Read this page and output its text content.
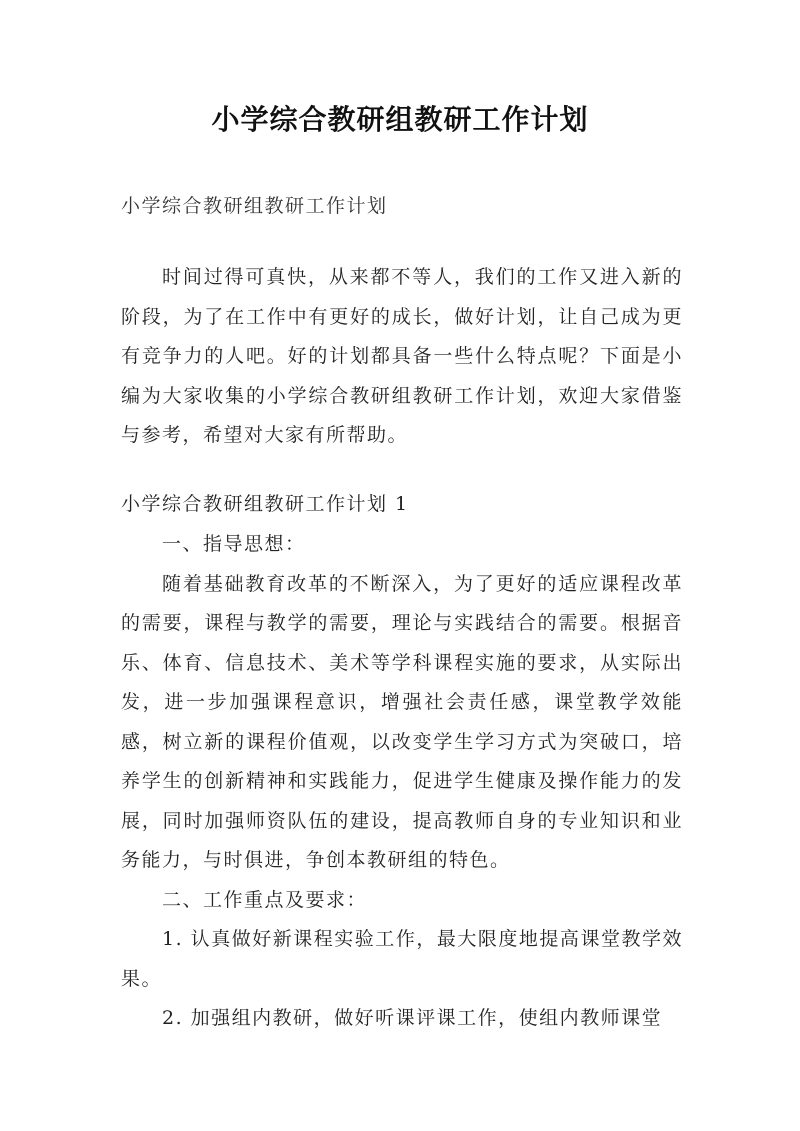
小学综合教研组教研工作计划
小学综合教研组教研工作计划

时间过得可真快，从来都不等人，我们的工作又进入新的阶段，为了在工作中有更好的成长，做好计划，让自己成为更有竞争力的人吧。好的计划都具备一些什么特点呢？下面是小编为大家收集的小学综合教研组教研工作计划，欢迎大家借鉴与参考，希望对大家有所帮助。

小学综合教研组教研工作计划 1

一、指导思想：

随着基础教育改革的不断深入，为了更好的适应课程改革的需要，课程与教学的需要，理论与实践结合的需要。根据音乐、体育、信息技术、美术等学科课程实施的要求，从实际出发，进一步加强课程意识，增强社会责任感，课堂教学效能感，树立新的课程价值观，以改变学生学习方式为突破口，培养学生的创新精神和实践能力，促进学生健康及操作能力的发展，同时加强师资队伍的建设，提高教师自身的专业知识和业务能力，与时俱进，争创本教研组的特色。

二、工作重点及要求：

1. 认真做好新课程实验工作，最大限度地提高课堂教学效果。

2. 加强组内教研，做好听课评课工作，使组内教师课堂
